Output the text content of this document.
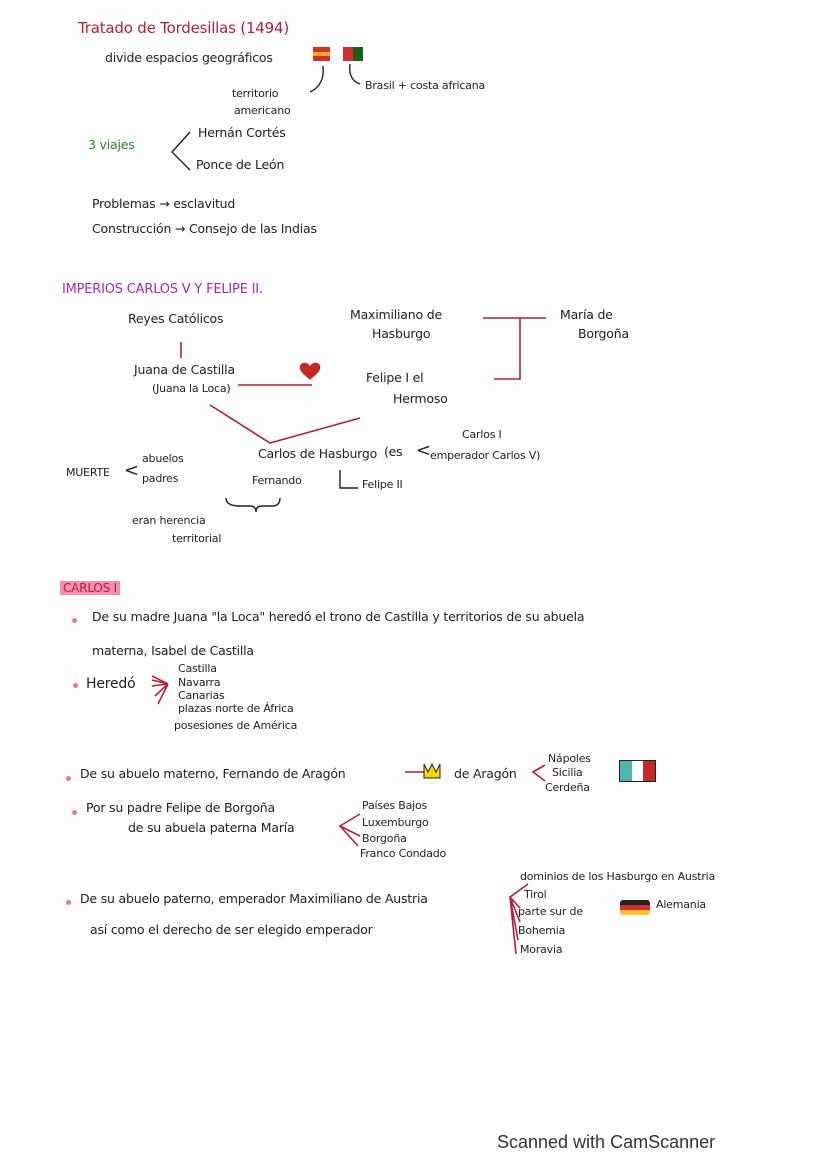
Tratado de Tordesillas (1494)
divide espacios geográficos
territorio
americano
Brasil + costa africana
3 viajes
Hernán Cortés
Ponce de León
Problemas → esclavitud
Construcción → Consejo de las Indias
IMPERIOS CARLOS V Y FELIPE II.
Reyes Católicos	Maximiliano de
Hasburgo
María de
Borgoña
Juana de Castilla
(Juana la Loca)
Felipe I el
Hermoso
Carlos de Hasburgo (es <
Carlos I
emperador Carlos V)
Fernando	Felipe II
MUERTE <
abuelos
padres
eran herencia
territorial
CARLOS I
De su madre Juana "la Loca" heredó el trono de Castilla y territorios de su abuela
materna, Isabel de Castilla
Heredó
Castilla
Navarra
Canarias
plazas norte de África
posesiones de América
De su abuelo materno, Fernando de Aragón	de Aragón
Nápoles
Sicilia
Cerdeña
Por su padre Felipe de Borgoña
de su abuela paterna María
Países Bajos
Luxemburgo
Borgoña
Franco Condado
De su abuelo paterno, emperador Maximiliano de Austria
así como el derecho de ser elegido emperador
dominios de los Hasburgo en Austria
Tirol
parte sur de
Alemania
Bohemia
Moravia
Scanned with CamScanner
